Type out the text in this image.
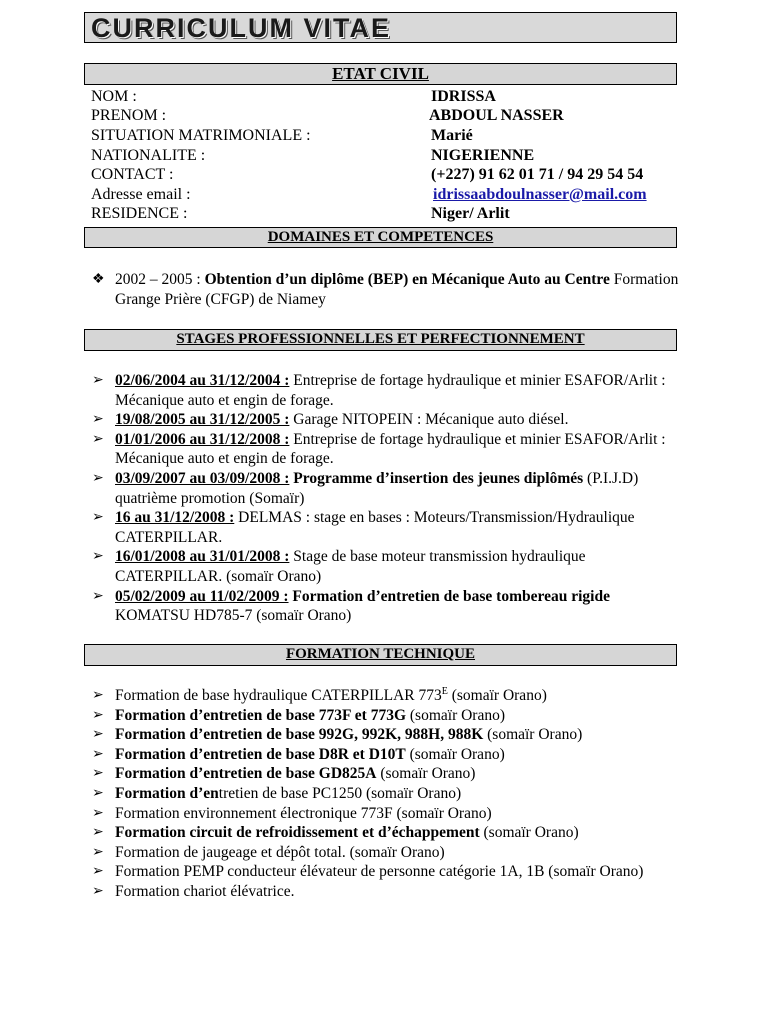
CURRICULUM VITAE
ETAT CIVIL
NOM :	IDRISSA
PRENOM :	ABDOUL NASSER
SITUATION MATRIMONIALE :	Marié
NATIONALITE :	NIGERIENNE
CONTACT :	(+227) 91 62 01 71 / 94 29 54 54
Adresse email :	idrissaabdoulnasser@mail.com
RESIDENCE :	Niger/ Arlit
DOMAINES ET COMPETENCES
❖ 2002 – 2005 : Obtention d’un diplôme (BEP) en Mécanique Auto au Centre Formation Grange Prière (CFGP) de Niamey
STAGES PROFESSIONNELLES ET PERFECTIONNEMENT
➢ 02/06/2004 au 31/12/2004 : Entreprise de fortage hydraulique et minier ESAFOR/Arlit : Mécanique auto et engin de forage.
➢ 19/08/2005 au 31/12/2005 : Garage NITOPEIN : Mécanique auto diésel.
➢ 01/01/2006 au 31/12/2008 : Entreprise de fortage hydraulique et minier ESAFOR/Arlit : Mécanique auto et engin de forage.
➢ 03/09/2007 au 03/09/2008 : Programme d’insertion des jeunes diplômés (P.I.J.D) quatrième promotion (Somaïr)
➢ 16 au 31/12/2008 : DELMAS : stage en bases : Moteurs/Transmission/Hydraulique CATERPILLAR.
➢ 16/01/2008 au 31/01/2008 : Stage de base moteur transmission hydraulique CATERPILLAR. (somaïr Orano)
➢ 05/02/2009 au 11/02/2009 : Formation d’entretien de base tombereau rigide KOMATSU HD785-7 (somaïr Orano)
FORMATION TECHNIQUE
➢ Formation de base hydraulique CATERPILLAR $773^E$ (somaïr Orano)
➢ Formation d’entretien de base 773F et 773G (somaïr Orano)
➢ Formation d’entretien de base 992G, 992K, 988H, 988K (somaïr Orano)
➢ Formation d’entretien de base D8R et D10T (somaïr Orano)
➢ Formation d’entretien de base GD825A (somaïr Orano)
➢ Formation d’entretien de base PC1250 (somaïr Orano)
➢ Formation environnement électronique 773F (somaïr Orano)
➢ Formation circuit de refroidissement et d’échappement (somaïr Orano)
➢ Formation de jaugeage et dépôt total. (somaïr Orano)
➢ Formation PEMP conducteur élévateur de personne catégorie 1A, 1B (somaïr Orano)
➢ Formation chariot élévatrice.
